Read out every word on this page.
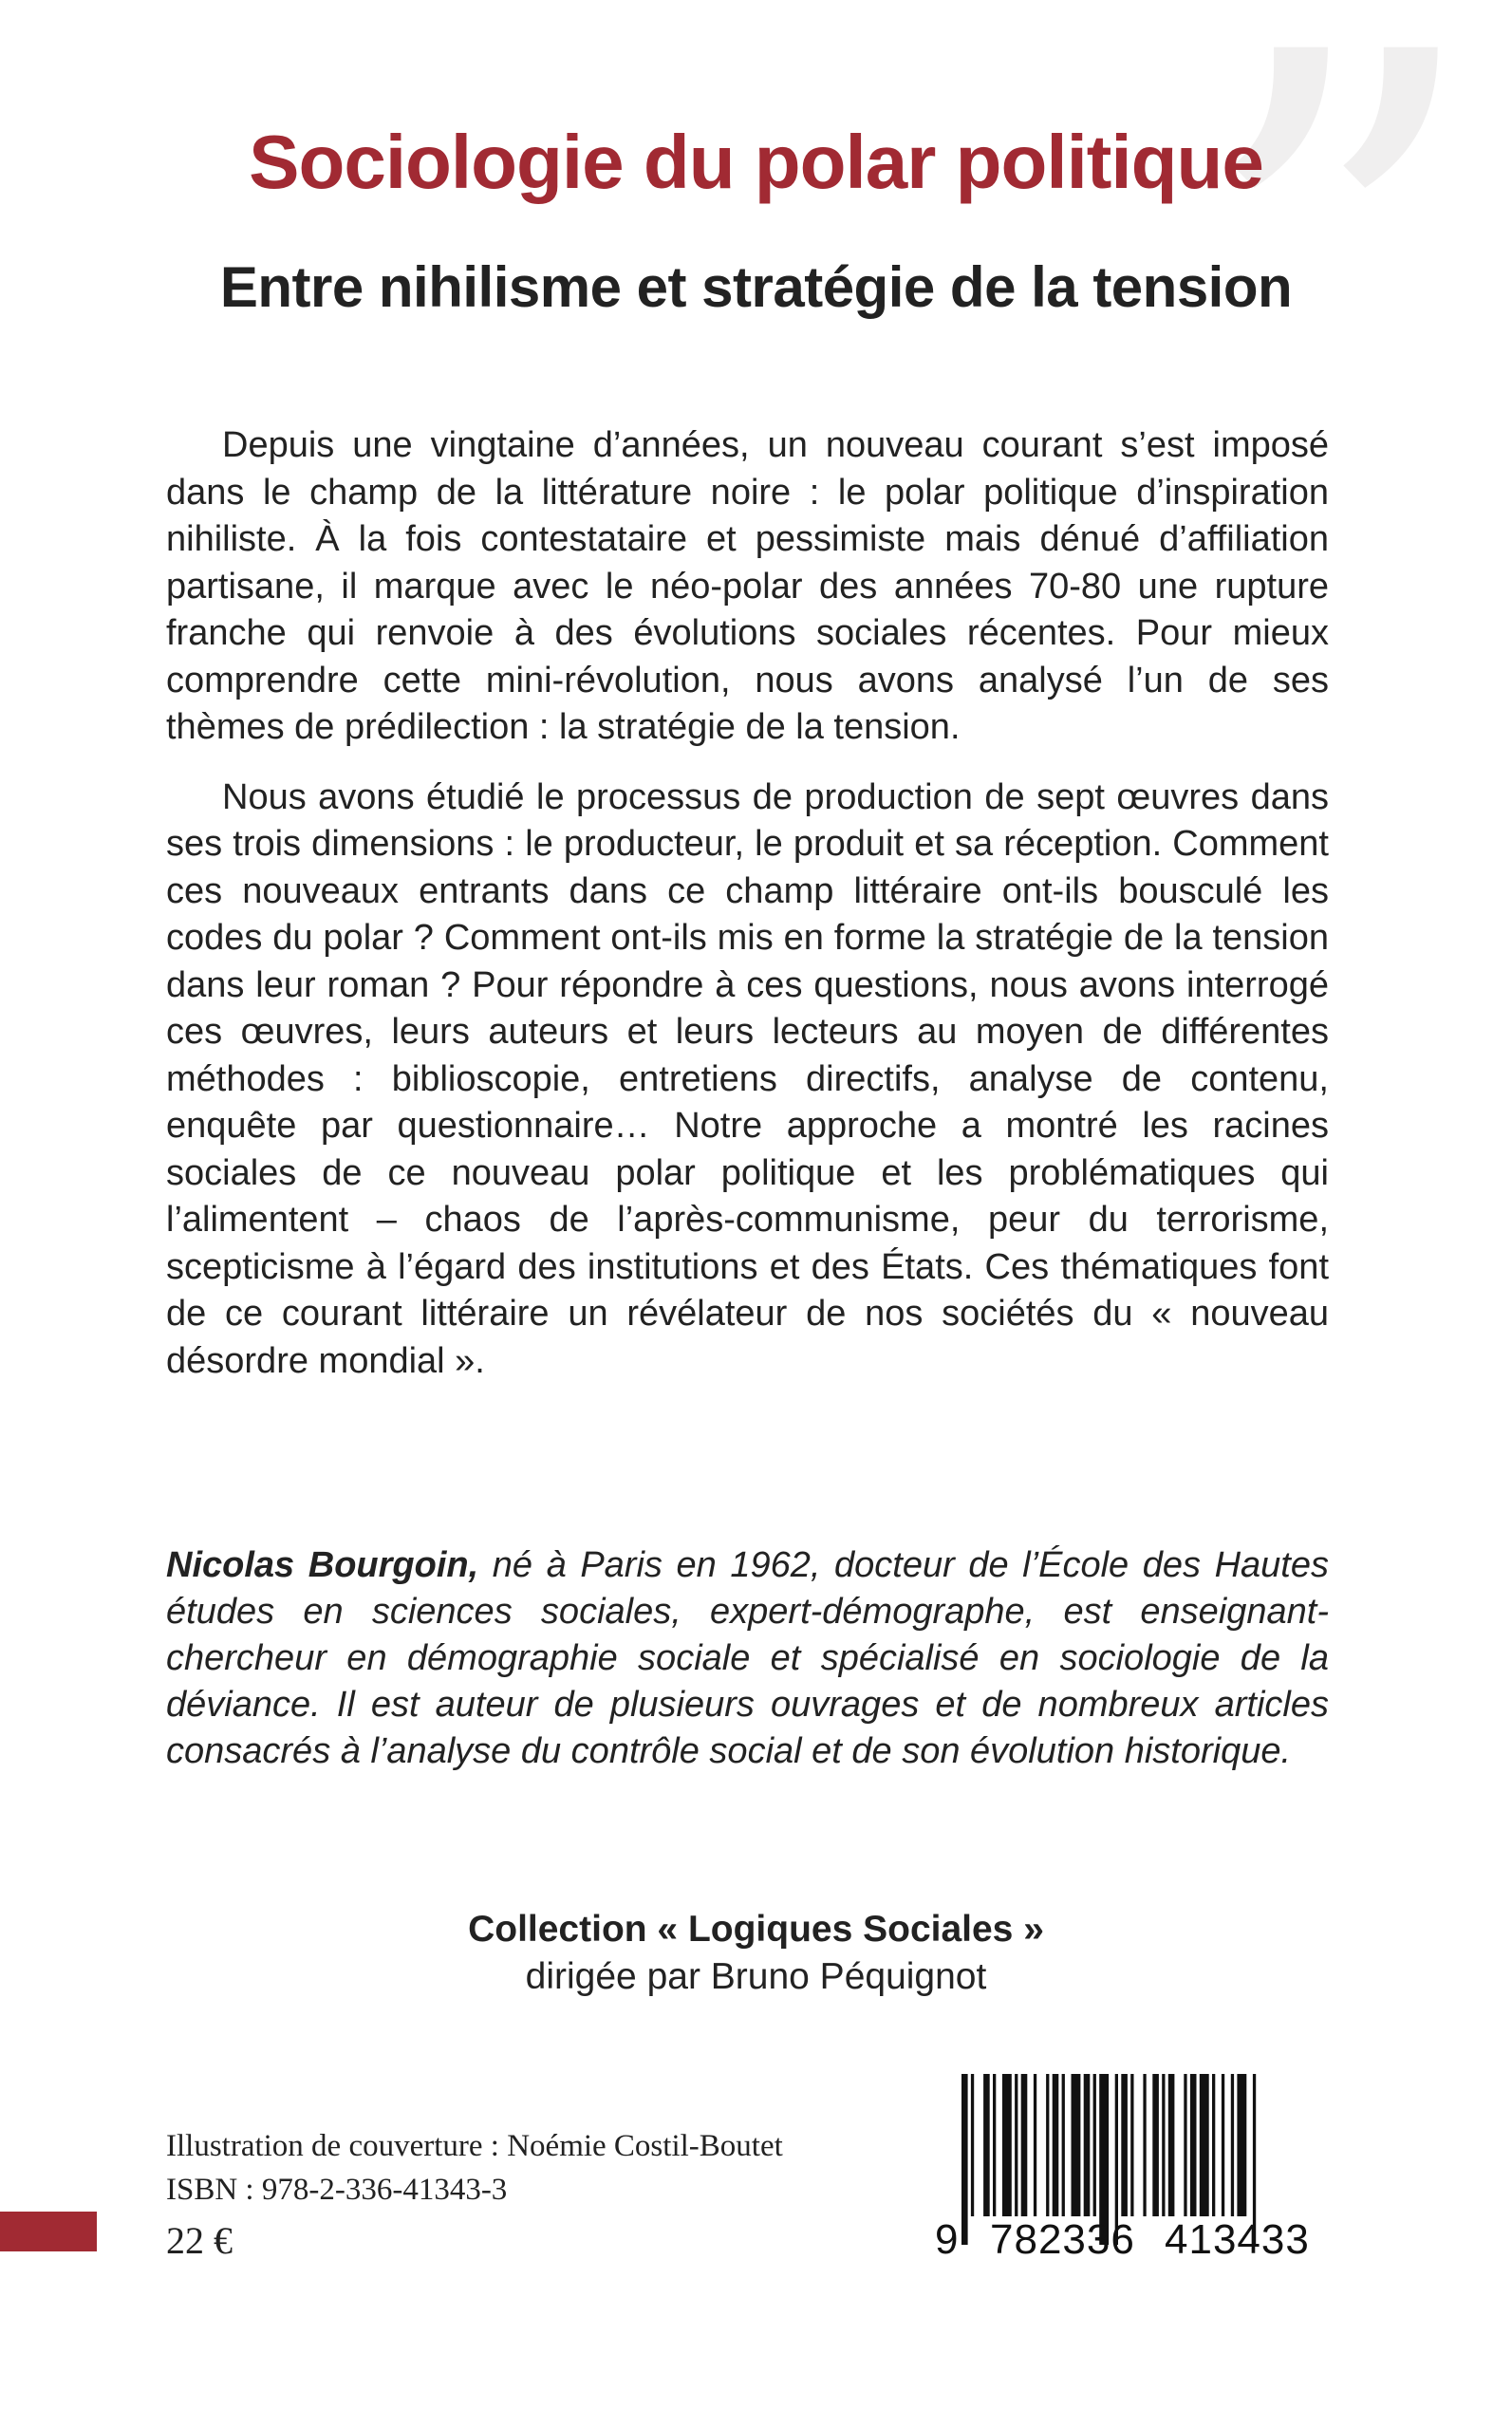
”
Sociologie du polar politique
Entre nihilisme et stratégie de la tension

Depuis une vingtaine d’années, un nouveau courant s’est imposé dans le champ de la littérature noire : le polar politique d’inspiration nihiliste. À la fois contestataire et pessimiste mais dénué d’affiliation partisane, il marque avec le néo-polar des années 70-80 une rupture franche qui renvoie à des évolutions sociales récentes. Pour mieux comprendre cette mini-révolution, nous avons analysé l’un de ses thèmes de prédilection : la stratégie de la tension.

Nous avons étudié le processus de production de sept œuvres dans ses trois dimensions : le producteur, le produit et sa réception. Comment ces nouveaux entrants dans ce champ littéraire ont-ils bousculé les codes du polar ? Comment ont-ils mis en forme la stratégie de la tension dans leur roman ? Pour répondre à ces questions, nous avons interrogé ces œuvres, leurs auteurs et leurs lecteurs au moyen de différentes méthodes : biblioscopie, entretiens directifs, analyse de contenu, enquête par questionnaire… Notre approche a montré les racines sociales de ce nouveau polar politique et les problématiques qui l’alimentent – chaos de l’après-communisme, peur du terrorisme, scepticisme à l’égard des institutions et des États. Ces thématiques font de ce courant littéraire un révélateur de nos sociétés du « nouveau désordre mondial ».

Nicolas Bourgoin, né à Paris en 1962, docteur de l’École des Hautes études en sciences sociales, expert-démographe, est enseignant-chercheur en démographie sociale et spécialisé en sociologie de la déviance. Il est auteur de plusieurs ouvrages et de nombreux articles consacrés à l’analyse du contrôle social et de son évolution historique.
Collection « Logiques Sociales »
dirigée par Bruno Péquignot
Illustration de couverture : Noémie Costil-Boutet
ISBN : 978-2-336-41343-3
22 €	9 782336 413433
